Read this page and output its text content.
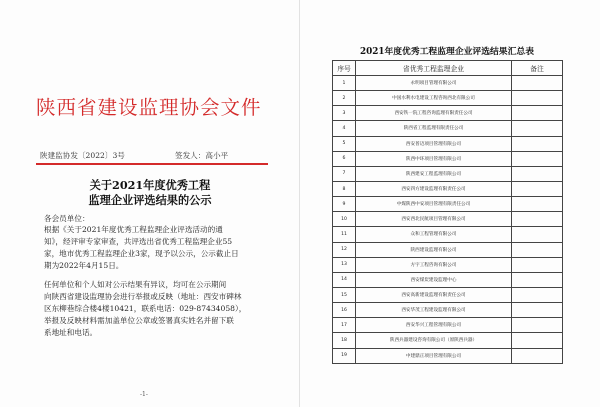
陕西省建设监理协会文件
陕建监协发〔2022〕3号	签发人：高小平
关于2021年度优秀工程
监理企业评选结果的公示
各会员单位：
根据《关于2021年度优秀工程监理企业评选活动的通
知》，经评审专家审查，共评选出省优秀工程监理企业55
家，地市优秀工程监理企业3家，现予以公示，公示截止日
期为2022年4月15日。
任何单位和个人如对公示结果有异议，均可在公示期间
向陕西省建设监理协会进行举报或反映（地址：西安市碑林
区东柳巷综合楼4楼10421，联系电话：029-87434058），
举报及反映材料需加盖单位公章或签署真实姓名并留下联
系地址和电话。
-1-
2021年度优秀工程监理企业评选结果汇总表
序号	省优秀工程监理企业	备注
1	永明项目管理有限公司	
2	中国水利水电建设工程咨询西北有限公司	
3	西安铁一院工程咨询监理有限责任公司	
4	陕西省工程监理有限责任公司	
5	西安普迈项目管理有限公司	
6	陕西中环项目管理有限公司	
7	陕西建安工程监理有限公司	
8	西安四方建设监理有限责任公司	
9	中煤陕西中安项目管理有限责任公司	
10	西安西北民航项目管理有限公司	
11	众和工程管理有限公司	
12	陕西建设监理有限公司	
13	方宇工程咨询有限公司	
14	西安煤炭建设监理中心	
15	西安高新建设监理有限责任公司	
16	西安华茂工程建设监理有限公司	
17	西安华兴工程管理有限公司	
18	陕西兵器建设咨询有限公司（原陕西兵器）	
19	中建鼎正项目管理有限公司	
